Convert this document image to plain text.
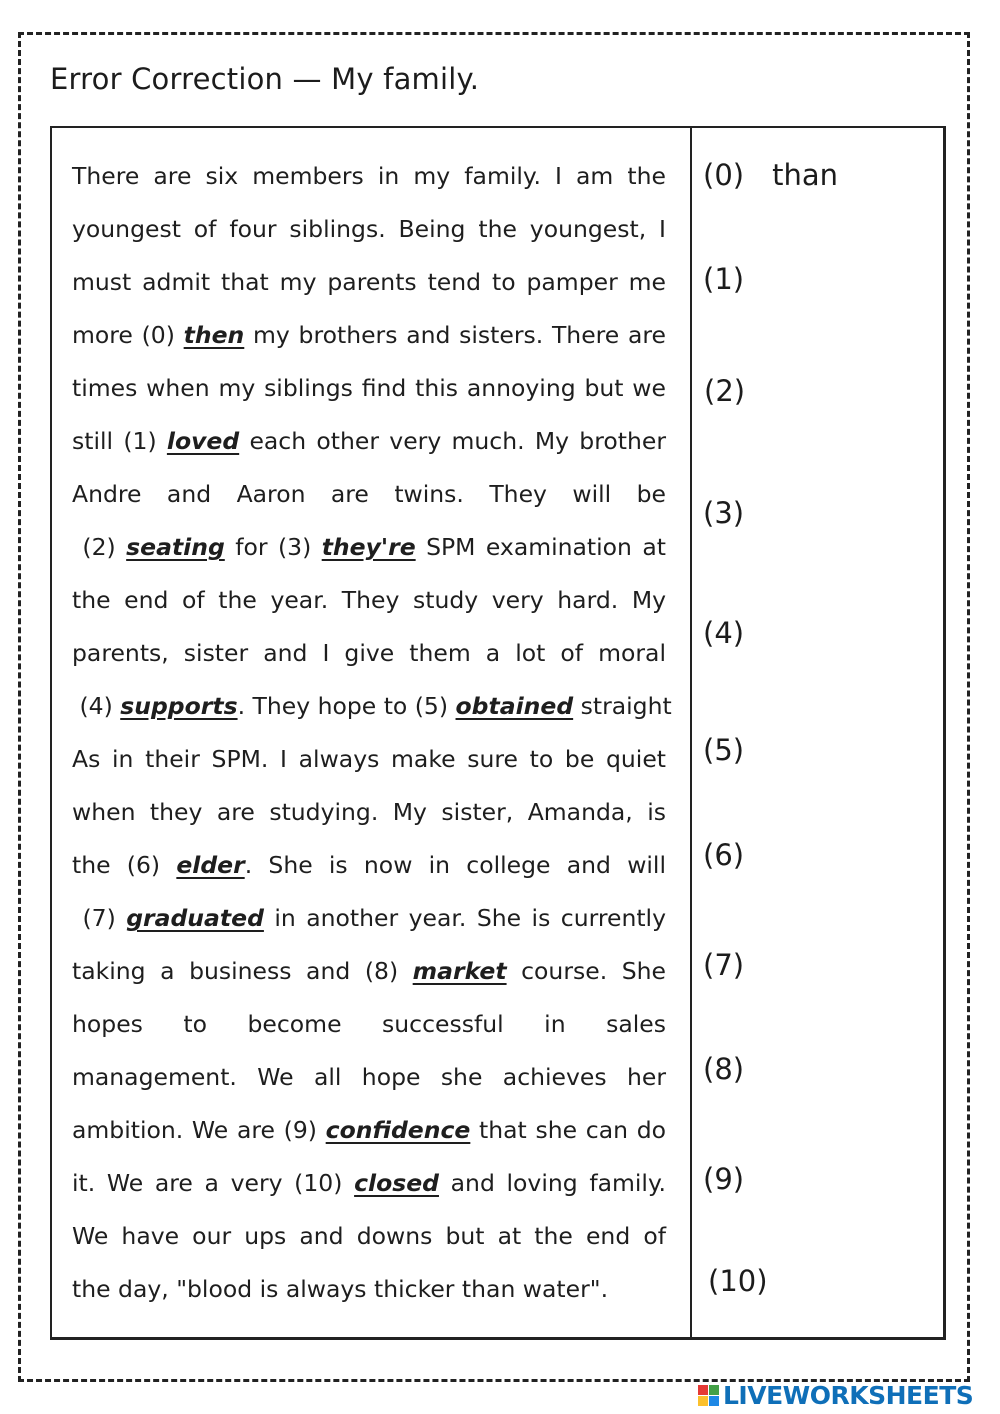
Error Correction — My family.
There are six members in my family. I am the
youngest of four siblings. Being the youngest, I
must admit that my parents tend to pamper me
more (0) then my brothers and sisters. There are
times when my siblings find this annoying but we
still (1) loved each other very much. My brother
Andre and Aaron are twins. They will be
(2) seating for (3) they're SPM examination at
the end of the year. They study very hard. My
parents, sister and I give them a lot of moral
(4) supports. They hope to (5) obtained straight
As in their SPM. I always make sure to be quiet
when they are studying. My sister, Amanda, is
the (6) elder. She is now in college and will
(7) graduated in another year. She is currently
taking a business and (8) market course. She
hopes to become successful in sales
management. We all hope she achieves her
ambition. We are (9) confidence that she can do
it. We are a very (10) closed and loving family.
We have our ups and downs but at the end of
the day, "blood is always thicker than water".
(0) than
(1)
(2)
(3)
(4)
(5)
(6)
(7)
(8)
(9)
(10)
LIVEWORKSHEETS
